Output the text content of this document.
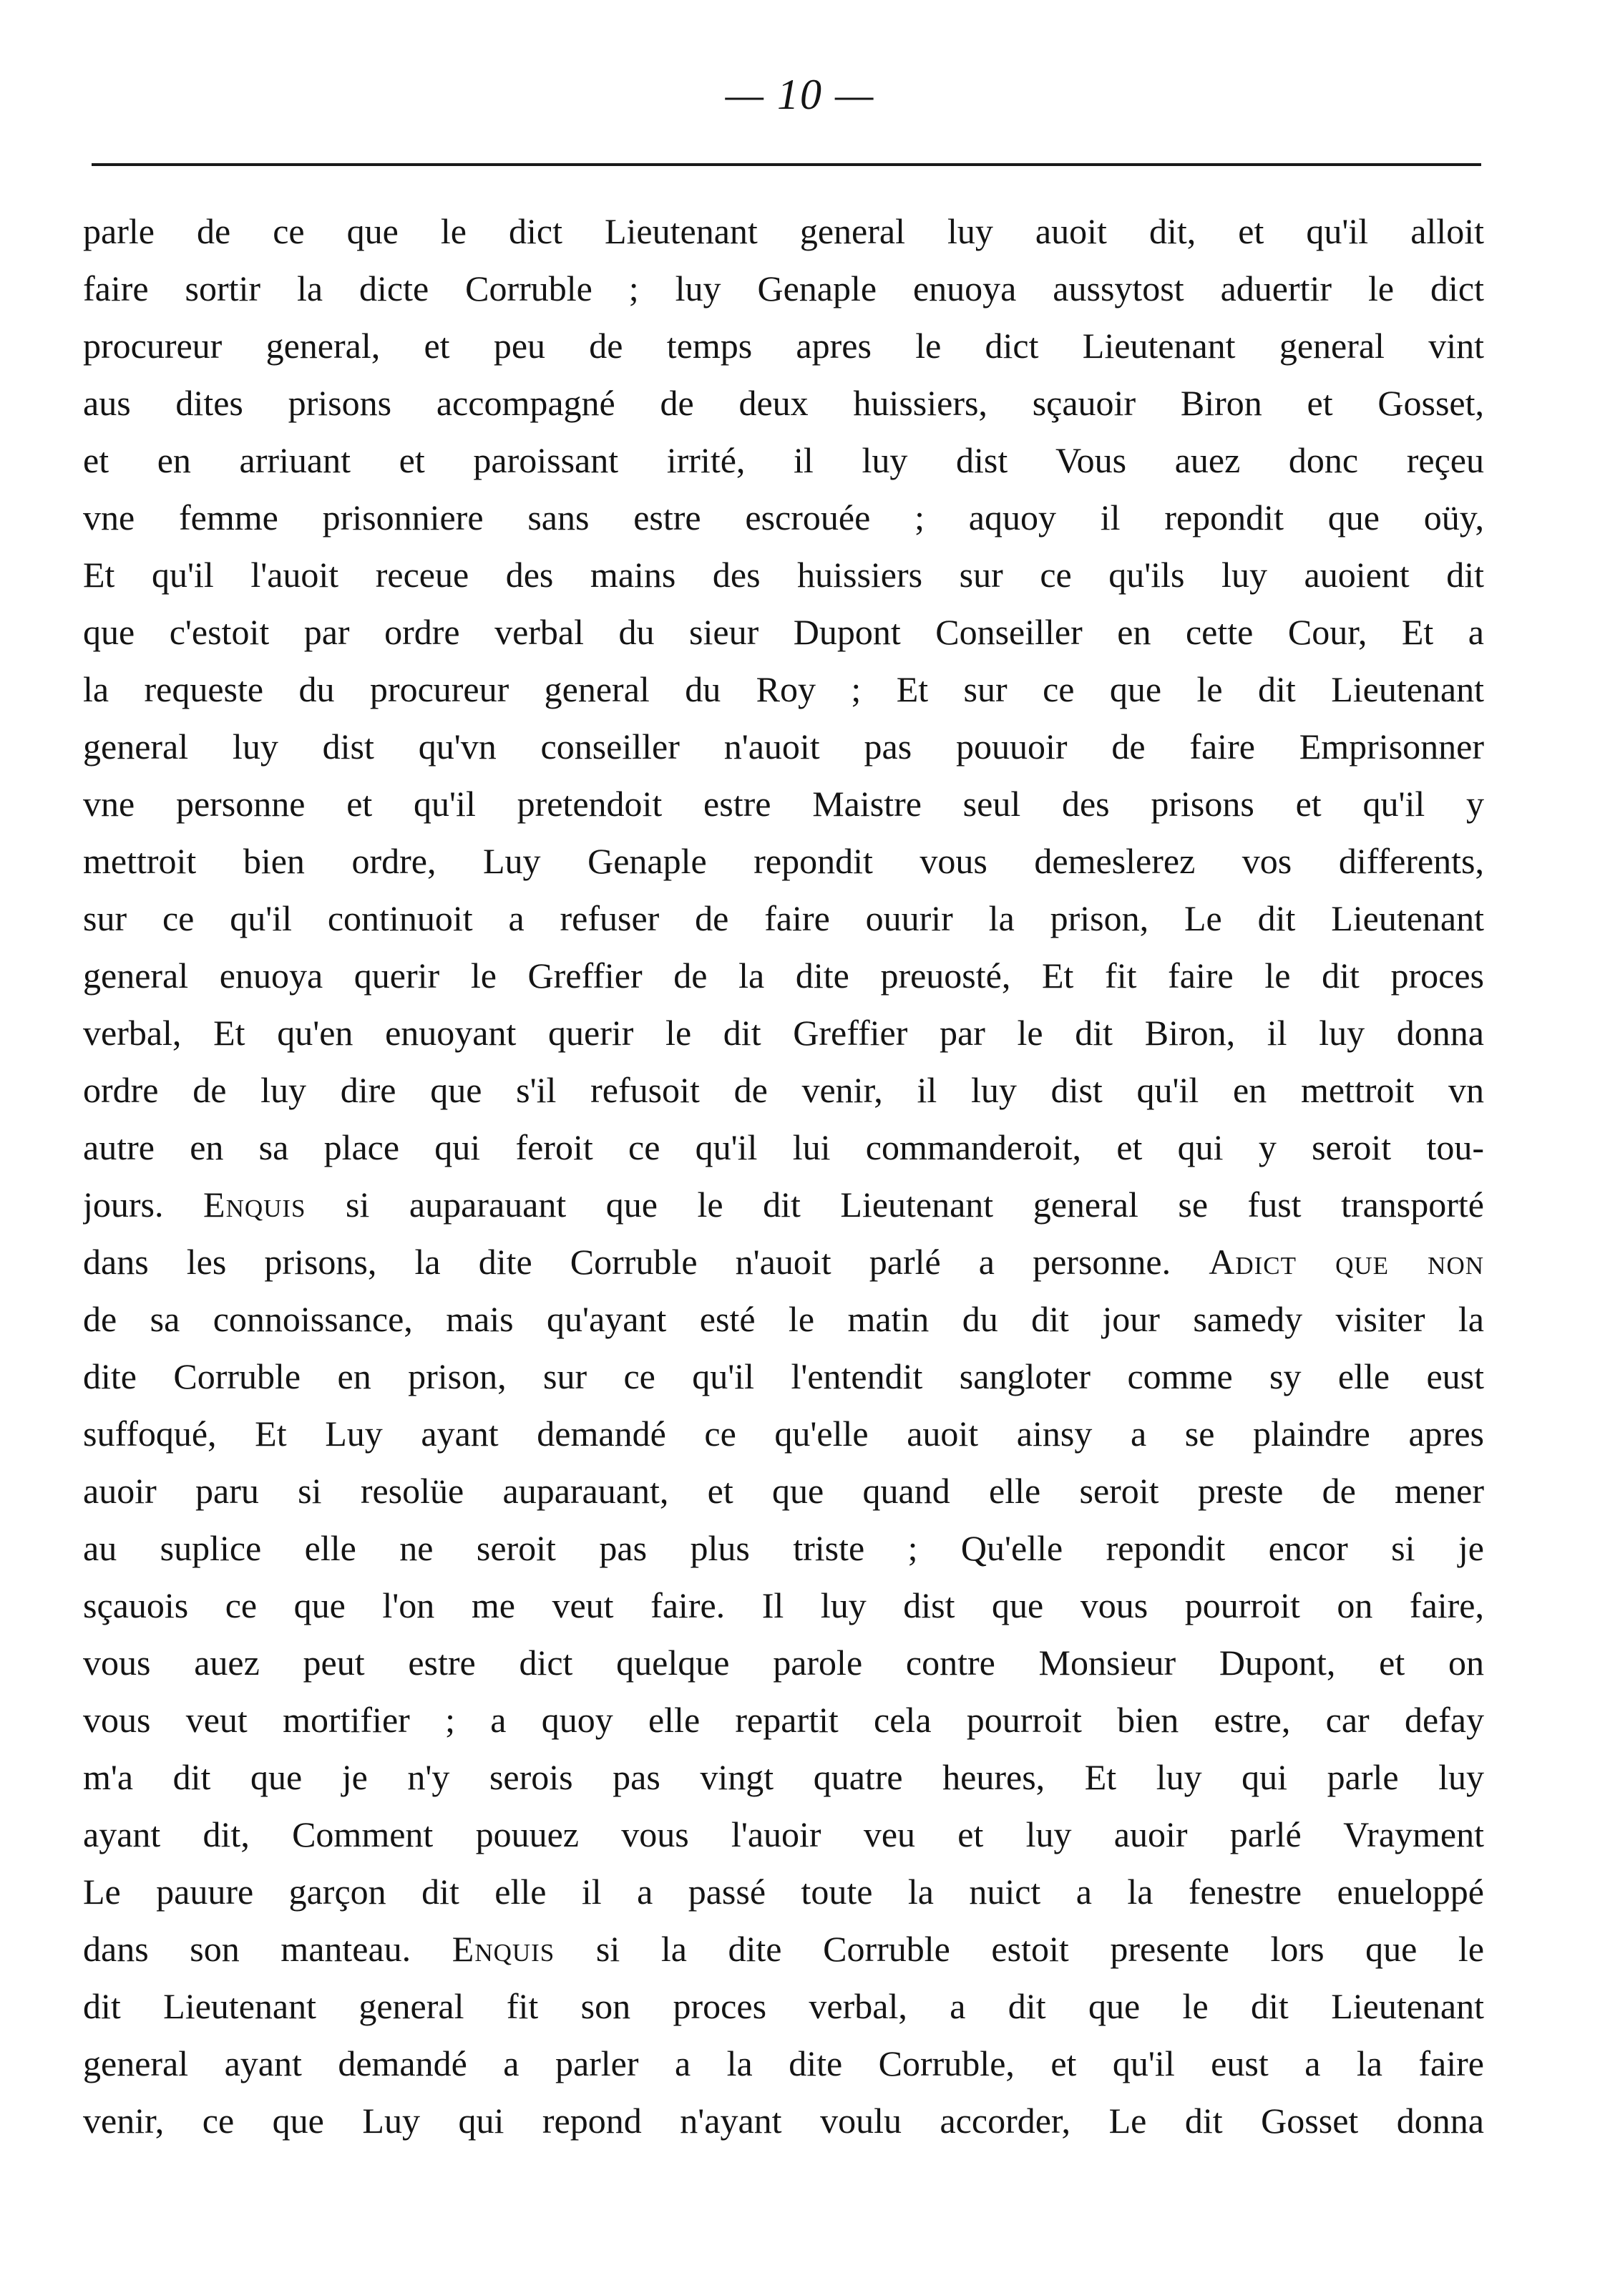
— 10 —
parle de ce que le dict Lieutenant general luy auoit dit, et qu'il alloit
faire sortir la dicte Corruble ; luy Genaple enuoya aussytost aduertir le dict
procureur general, et peu de temps apres le dict Lieutenant general vint
aus dites prisons accompagné de deux huissiers, sçauoir Biron et Gosset,
et en arriuant et paroissant irrité, il luy dist Vous auez donc reçeu
vne femme prisonniere sans estre escrouée ; aquoy il repondit que oüy,
Et qu'il l'auoit receue des mains des huissiers sur ce qu'ils luy auoient dit
que c'estoit par ordre verbal du sieur Dupont Conseiller en cette Cour, Et a
la requeste du procureur general du Roy ; Et sur ce que le dit Lieutenant
general luy dist qu'vn conseiller n'auoit pas pouuoir de faire Emprisonner
vne personne et qu'il pretendoit estre Maistre seul des prisons et qu'il y
mettroit bien ordre, Luy Genaple repondit vous demeslerez vos differents,
sur ce qu'il continuoit a refuser de faire ouurir la prison, Le dit Lieutenant
general enuoya querir le Greffier de la dite preuosté, Et fit faire le dit proces
verbal, Et qu'en enuoyant querir le dit Greffier par le dit Biron, il luy donna
ordre de luy dire que s'il refusoit de venir, il luy dist qu'il en mettroit vn
autre en sa place qui feroit ce qu'il lui commanderoit, et qui y seroit tou-
jours. Enquis si auparauant que le dit Lieutenant general se fust transporté
dans les prisons, la dite Corruble n'auoit parlé a personne. Adict que non
de sa connoissance, mais qu'ayant esté le matin du dit jour samedy visiter la
dite Corruble en prison, sur ce qu'il l'entendit sangloter comme sy elle eust
suffoqué, Et Luy ayant demandé ce qu'elle auoit ainsy a se plaindre apres
auoir paru si resolüe auparauant, et que quand elle seroit preste de mener
au suplice elle ne seroit pas plus triste ; Qu'elle repondit encor si je
sçauois ce que l'on me veut faire. Il luy dist que vous pourroit on faire,
vous auez peut estre dict quelque parole contre Monsieur Dupont, et on
vous veut mortifier ; a quoy elle repartit cela pourroit bien estre, car defay
m'a dit que je n'y serois pas vingt quatre heures, Et luy qui parle luy
ayant dit, Comment pouuez vous l'auoir veu et luy auoir parlé Vrayment
Le pauure garçon dit elle il a passé toute la nuict a la fenestre enueloppé
dans son manteau. Enquis si la dite Corruble estoit presente lors que le
dit Lieutenant general fit son proces verbal, a dit que le dit Lieutenant
general ayant demandé a parler a la dite Corruble, et qu'il eust a la faire
venir, ce que Luy qui repond n'ayant voulu accorder, Le dit Gosset donna
